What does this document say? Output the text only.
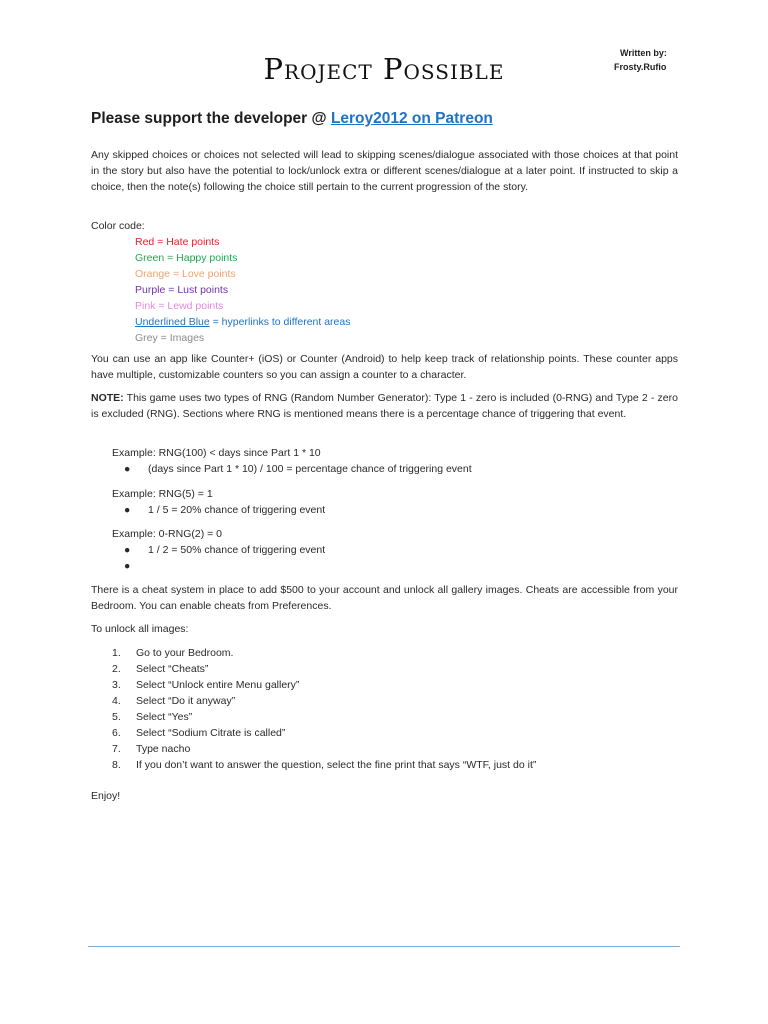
Project Possible	Written by:
Frosty.Rufio
Please support the developer @ Leroy2012 on Patreon
Any skipped choices or choices not selected will lead to skipping scenes/dialogue associated with those choices at that point in the story but also have the potential to lock/unlock extra or different scenes/dialogue at a later point. If instructed to skip a choice, then the note(s) following the choice still pertain to the current progression of the story.
Color code:
Red = Hate points
Green = Happy points
Orange = Love points
Purple = Lust points
Pink = Lewd points
Underlined Blue = hyperlinks to different areas
Grey = Images
You can use an app like Counter+ (iOS) or Counter (Android) to help keep track of relationship points. These counter apps have multiple, customizable counters so you can assign a counter to a character.
NOTE: This game uses two types of RNG (Random Number Generator): Type 1 - zero is included (0-RNG) and Type 2 - zero is excluded (RNG). Sections where RNG is mentioned means there is a percentage chance of triggering that event.
Example: RNG(100) < days since Part 1 * 10
● (days since Part 1 * 10) / 100 = percentage chance of triggering event
Example: RNG(5) = 1
● 1 / 5 = 20% chance of triggering event
Example: 0-RNG(2) = 0
● 1 / 2 = 50% chance of triggering event
●
There is a cheat system in place to add $500 to your account and unlock all gallery images. Cheats are accessible from your Bedroom. You can enable cheats from Preferences.
To unlock all images:
1. Go to your Bedroom.
2. Select “Cheats”
3. Select “Unlock entire Menu gallery”
4. Select “Do it anyway”
5. Select “Yes”
6. Select “Sodium Citrate is called”
7. Type nacho
8. If you don’t want to answer the question, select the fine print that says “WTF, just do it”
Enjoy!
